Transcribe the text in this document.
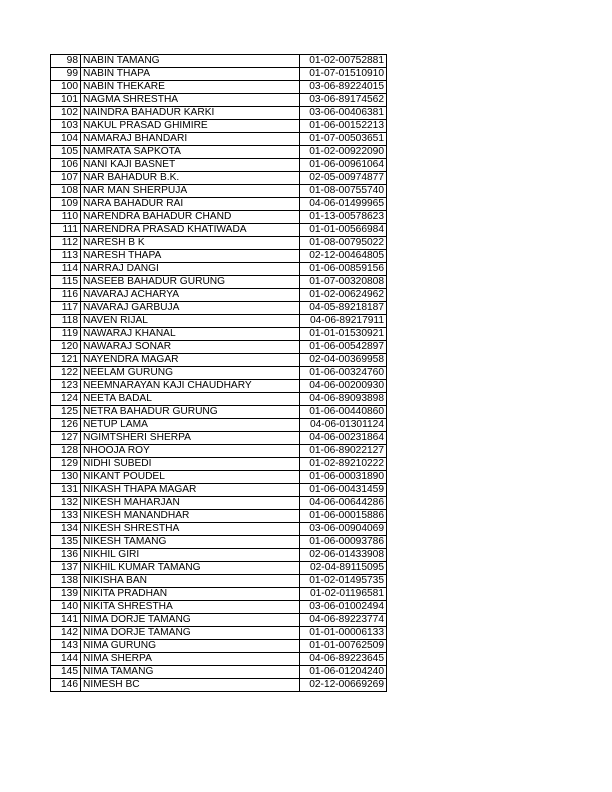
98	NABIN TAMANG	01-02-00752881
99	NABIN THAPA	01-07-01510910
100	NABIN THEKARE	03-06-89224015
101	NAGMA SHRESTHA	03-06-89174562
102	NAINDRA BAHADUR KARKI	03-06-00406381
103	NAKUL PRASAD GHIMIRE	01-06-00152213
104	NAMARAJ BHANDARI	01-07-00503651
105	NAMRATA SAPKOTA	01-02-00922090
106	NANI KAJI BASNET	01-06-00961064
107	NAR BAHADUR B.K.	02-05-00974877
108	NAR MAN SHERPUJA	01-08-00755740
109	NARA BAHADUR RAI	04-06-01499965
110	NARENDRA BAHADUR CHAND	01-13-00578623
111	NARENDRA PRASAD KHATIWADA	01-01-00566984
112	NARESH B K	01-08-00795022
113	NARESH THAPA	02-12-00464805
114	NARRAJ DANGI	01-06-00859156
115	NASEEB BAHADUR GURUNG	01-07-00320808
116	NAVARAJ ACHARYA	01-02-00624962
117	NAVARAJ GARBUJA	04-05-89218187
118	NAVEN RIJAL	04-06-89217911
119	NAWARAJ KHANAL	01-01-01530921
120	NAWARAJ SONAR	01-06-00542897
121	NAYENDRA MAGAR	02-04-00369958
122	NEELAM GURUNG	01-06-00324760
123	NEEMNARAYAN KAJI CHAUDHARY	04-06-00200930
124	NEETA BADAL	04-06-89093898
125	NETRA BAHADUR GURUNG	01-06-00440860
126	NETUP LAMA	04-06-01301124
127	NGIMTSHERI SHERPA	04-06-00231864
128	NHOOJA ROY	01-06-89022127
129	NIDHI SUBEDI	01-02-89210222
130	NIKANT POUDEL	01-06-00031890
131	NIKASH THAPA MAGAR	01-06-00431459
132	NIKESH MAHARJAN	04-06-00644286
133	NIKESH MANANDHAR	01-06-00015886
134	NIKESH SHRESTHA	03-06-00904069
135	NIKESH TAMANG	01-06-00093786
136	NIKHIL GIRI	02-06-01433908
137	NIKHIL KUMAR TAMANG	02-04-89115095
138	NIKISHA BAN	01-02-01495735
139	NIKITA PRADHAN	01-02-01196581
140	NIKITA SHRESTHA	03-06-01002494
141	NIMA DORJE TAMANG	04-06-89223774
142	NIMA DORJE TAMANG	01-01-00006133
143	NIMA GURUNG	01-01-00762509
144	NIMA SHERPA	04-06-89223645
145	NIMA TAMANG	01-06-01204240
146	NIMESH BC	02-12-00669269
